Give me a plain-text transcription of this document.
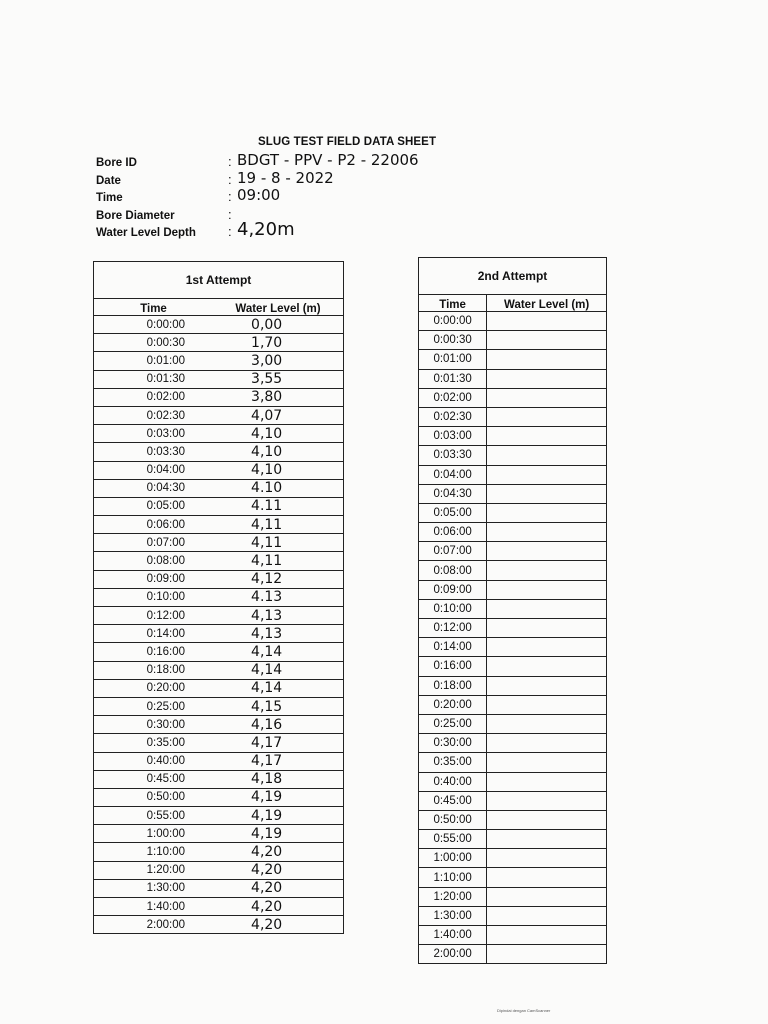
SLUG TEST FIELD DATA SHEET
Bore ID	: BDGT - PPV - P2 - 22006
Date	: 19 - 8 - 2022
Time	: 09:00
Bore Diameter	:
Water Level Depth : 4,20m
1st Attempt	
Time	Water Level (m)
0:00:00	0,00
0:00:30	1,70
0:01:00	3,00
0:01:30	3,55
0:02:00	3,80
0:02:30	4,07
0:03:00	4,10
0:03:30	4,10
0:04:00	4,10
0:04:30	4.10
0:05:00	4.11
0:06:00	4,11
0:07:00	4,11
0:08:00	4,11
0:09:00	4,12
0:10:00	4.13
0:12:00	4,13
0:14:00	4,13
0:16:00	4,14
0:18:00	4,14
0:20:00	4,14
0:25:00	4,15
0:30:00	4,16
0:35:00	4,17
0:40:00	4,17
0:45:00	4,18
0:50:00	4,19
0:55:00	4,19
1:00:00	4,19
1:10:00	4,20
1:20:00	4,20
1:30:00	4,20
1:40:00	4,20
2:00:00	4,20
2nd Attempt	
Time	Water Level (m)
0:00:00	
0:00:30	
0:01:00	
0:01:30	
0:02:00	
0:02:30	
0:03:00	
0:03:30	
0:04:00	
0:04:30	
0:05:00	
0:06:00	
0:07:00	
0:08:00	
0:09:00	
0:10:00	
0:12:00	
0:14:00	
0:16:00	
0:18:00	
0:20:00	
0:25:00	
0:30:00	
0:35:00	
0:40:00	
0:45:00	
0:50:00	
0:55:00	
1:00:00	
1:10:00	
1:20:00	
1:30:00	
1:40:00	
2:00:00	
Dipindai dengan CamScanner
